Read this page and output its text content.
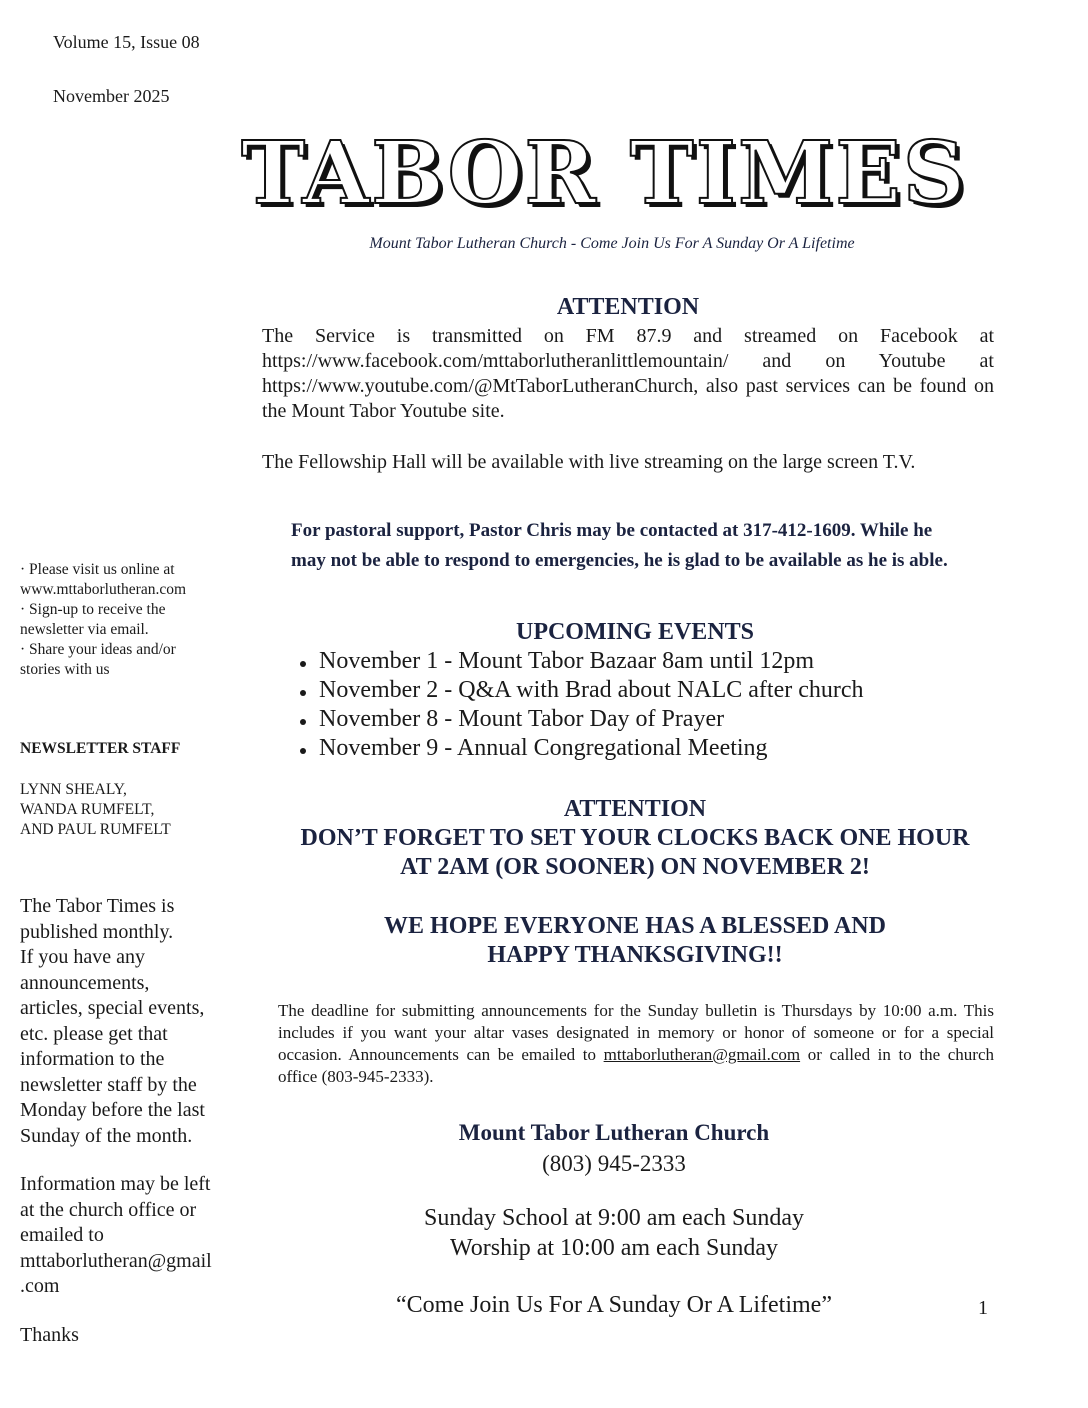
Volume 15, Issue 08
November 2025
TABOR TIMES
Mount Tabor Lutheran Church - Come Join Us For A Sunday Or A Lifetime
ATTENTION
The Service is transmitted on FM 87.9 and streamed on Facebook at https://www.facebook.com/mttaborlutheranlittlemountain/ and on Youtube at https://www.youtube.com/@MtTaborLutheranChurch, also past services can be found on the Mount Tabor Youtube site.
The Fellowship Hall will be available with live streaming on the large screen T.V.
For pastoral support, Pastor Chris may be contacted at 317-412-1609. While he may not be able to respond to emergencies, he is glad to be available as he is able.
UPCOMING EVENTS
November 1 - Mount Tabor Bazaar 8am until 12pm
November 2 - Q&A with Brad about NALC after church
November 8 - Mount Tabor Day of Prayer
November 9 - Annual Congregational Meeting
ATTENTION
DON’T FORGET TO SET YOUR CLOCKS BACK ONE HOUR
AT 2AM (OR SOONER) ON NOVEMBER 2!
WE HOPE EVERYONE HAS A BLESSED AND
HAPPY THANKSGIVING!!
The deadline for submitting announcements for the Sunday bulletin is Thursdays by 10:00 a.m. This includes if you want your altar vases designated in memory or honor of someone or for a special occasion. Announcements can be emailed to mttaborlutheran@gmail.com or called in to the church office (803-945-2333).
Mount Tabor Lutheran Church
(803) 945-2333
Sunday School at 9:00 am each Sunday
Worship at 10:00 am each Sunday
“Come Join Us For A Sunday Or A Lifetime”	1
· Please visit us online at
www.mttaborlutheran.com
· Sign-up to receive the
newsletter via email.
· Share your ideas and/or
stories with us
NEWSLETTER STAFF
LYNN SHEALY,
WANDA RUMFELT,
AND PAUL RUMFELT
The Tabor Times is
published monthly.
If you have any
announcements,
articles, special events,
etc. please get that
information to the
newsletter staff by the
Monday before the last
Sunday of the month.
Information may be left
at the church office or
emailed to
mttaborlutheran@gmail
.com
Thanks
